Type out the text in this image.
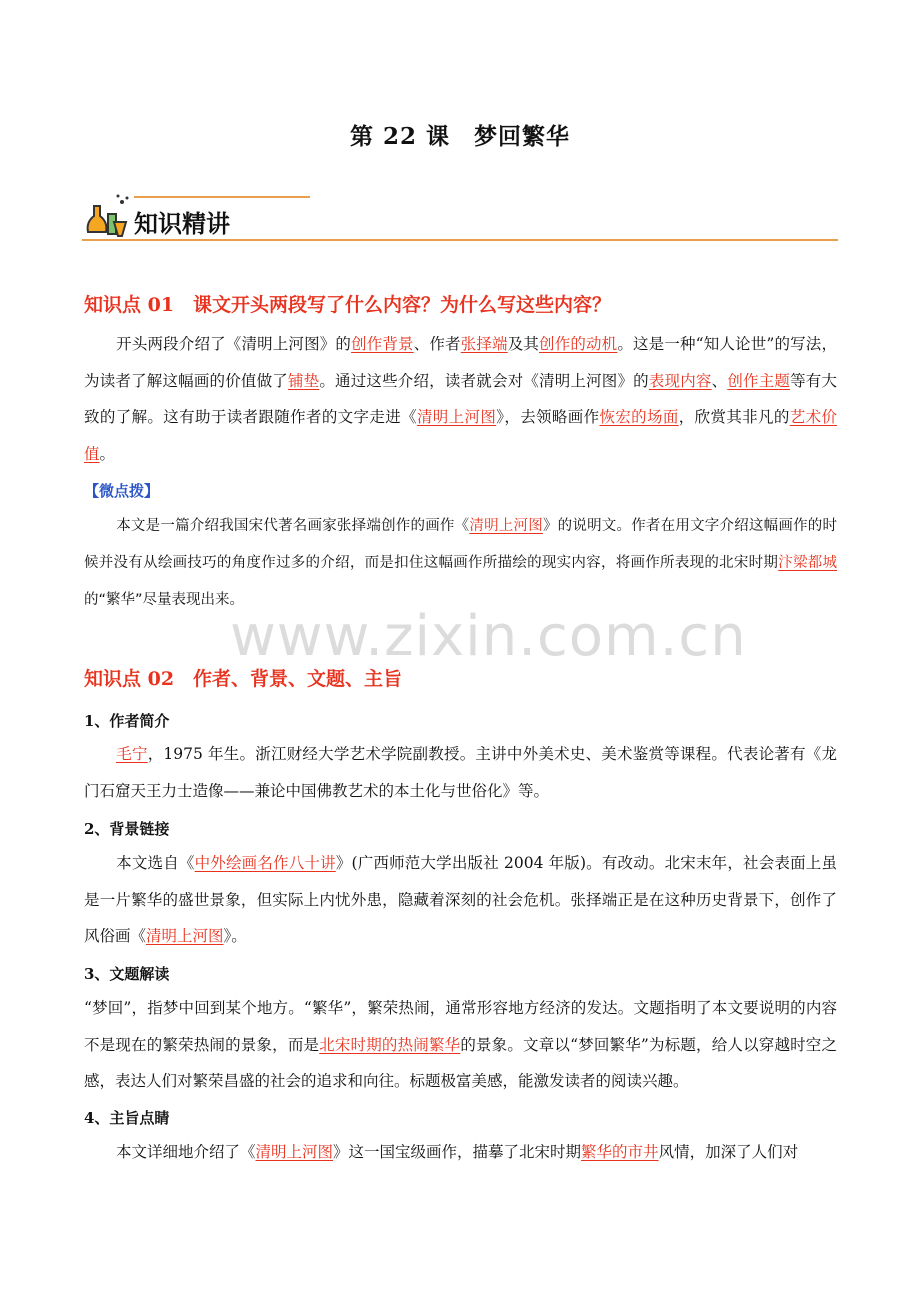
第 22 课　梦回繁华
知识精讲
知识点 01　课文开头两段写了什么内容？为什么写这些内容？

开头两段介绍了《清明上河图》的创作背景、作者张择端及其创作的动机。这是一种“知人论世”的写法，为读者了解这幅画的价值做了铺垫。通过这些介绍，读者就会对《清明上河图》的表现内容、创作主题等有大致的了解。这有助于读者跟随作者的文字走进《清明上河图》，去领略画作恢宏的场面，欣赏其非凡的艺术价值。

【微点拨】

本文是一篇介绍我国宋代著名画家张择端创作的画作《清明上河图》的说明文。作者在用文字介绍这幅画作的时候并没有从绘画技巧的角度作过多的介绍，而是扣住这幅画作所描绘的现实内容，将画作所表现的北宋时期汴梁都城的“繁华”尽量表现出来。

www.zixin.com.cn
知识点 02　作者、背景、文题、主旨
1、作者简介

毛宁，1975 年生。浙江财经大学艺术学院副教授。主讲中外美术史、美术鉴赏等课程。代表论著有《龙门石窟天王力士造像——兼论中国佛教艺术的本土化与世俗化》等。

2、背景链接

本文选自《中外绘画名作八十讲》(广西师范大学出版社 2004 年版)。有改动。北宋末年，社会表面上虽是一片繁华的盛世景象，但实际上内忧外患，隐藏着深刻的社会危机。张择端正是在这种历史背景下，创作了风俗画《清明上河图》。

3、文题解读

“梦回”，指梦中回到某个地方。“繁华”，繁荣热闹，通常形容地方经济的发达。文题指明了本文要说明的内容不是现在的繁荣热闹的景象，而是北宋时期的热闹繁华的景象。文章以“梦回繁华”为标题，给人以穿越时空之感，表达人们对繁荣昌盛的社会的追求和向往。标题极富美感，能激发读者的阅读兴趣。

4、主旨点睛

本文详细地介绍了《清明上河图》这一国宝级画作，描摹了北宋时期繁华的市井风情，加深了人们对
